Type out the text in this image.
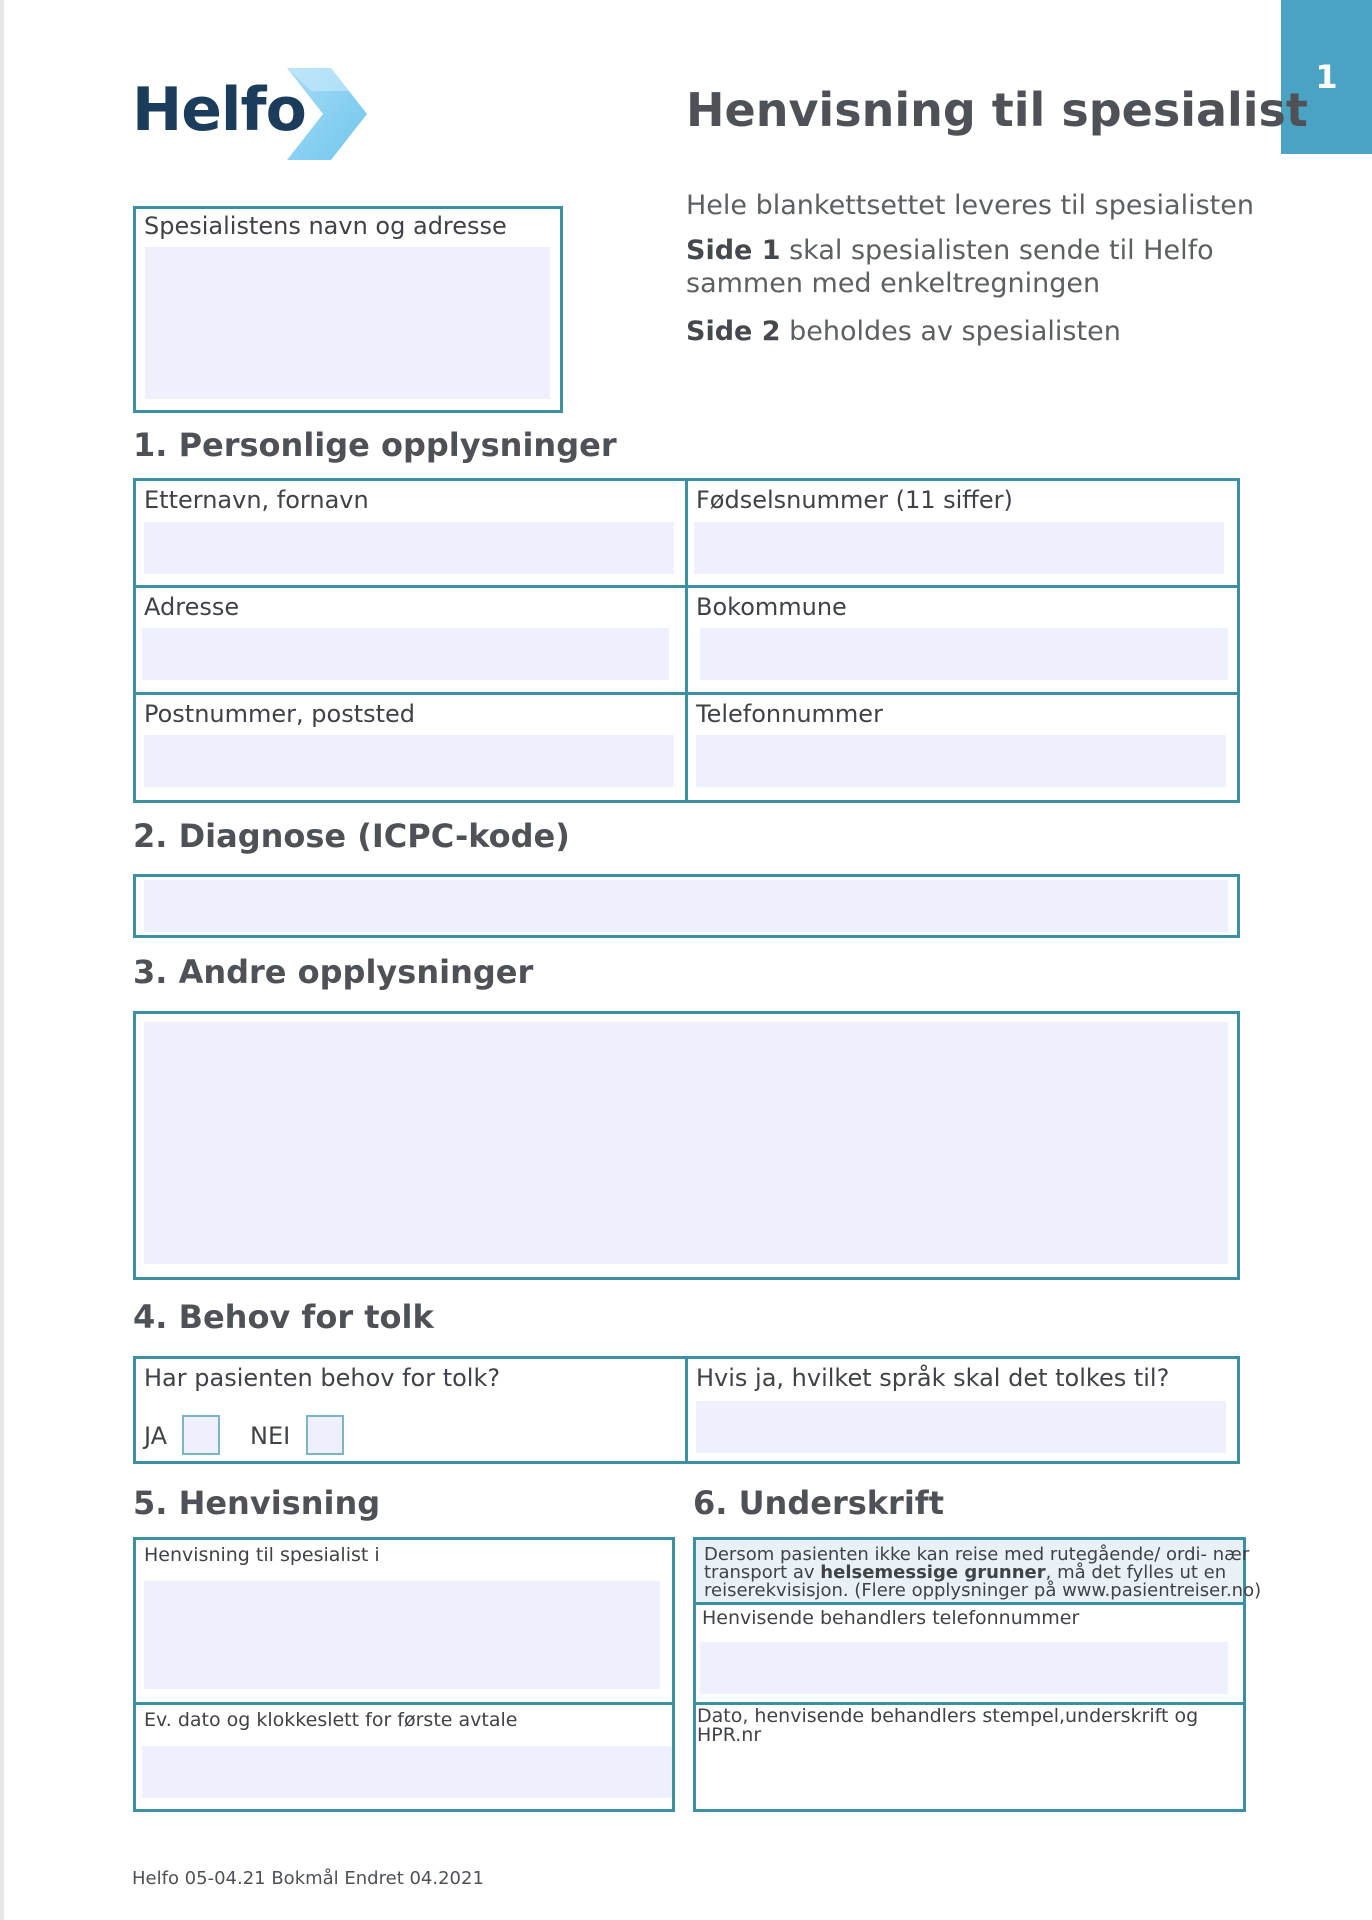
1
Helfo	Henvisning til spesialist
Hele blankettsettet leveres til spesialisten
Side 1 skal spesialisten sende til Helfo
sammen med enkeltregningen
Side 2 beholdes av spesialisten
Spesialistens navn og adresse
1. Personlige opplysninger
Etternavn, fornavn	Fødselsnummer (11 siffer)
Adresse	Bokommune
Postnummer, poststed	Telefonnummer
2. Diagnose (ICPC-kode)
3. Andre opplysninger
4. Behov for tolk
Har pasienten behov for tolk?
JA	NEI
Hvis ja, hvilket språk skal det tolkes til?
5. Henvisning
Henvisning til spesialist i
Ev. dato og klokkeslett for første avtale
6. Underskrift
Dersom pasienten ikke kan reise med rutegående/ ordi- nær
transport av helsemessige grunner, må det fylles ut en
reiserekvisisjon. (Flere opplysninger på www.pasientreiser.no)
Henvisende behandlers telefonnummer
Dato, henvisende behandlers stempel,underskrift og
HPR.nr
Helfo 05-04.21 Bokmål Endret 04.2021
